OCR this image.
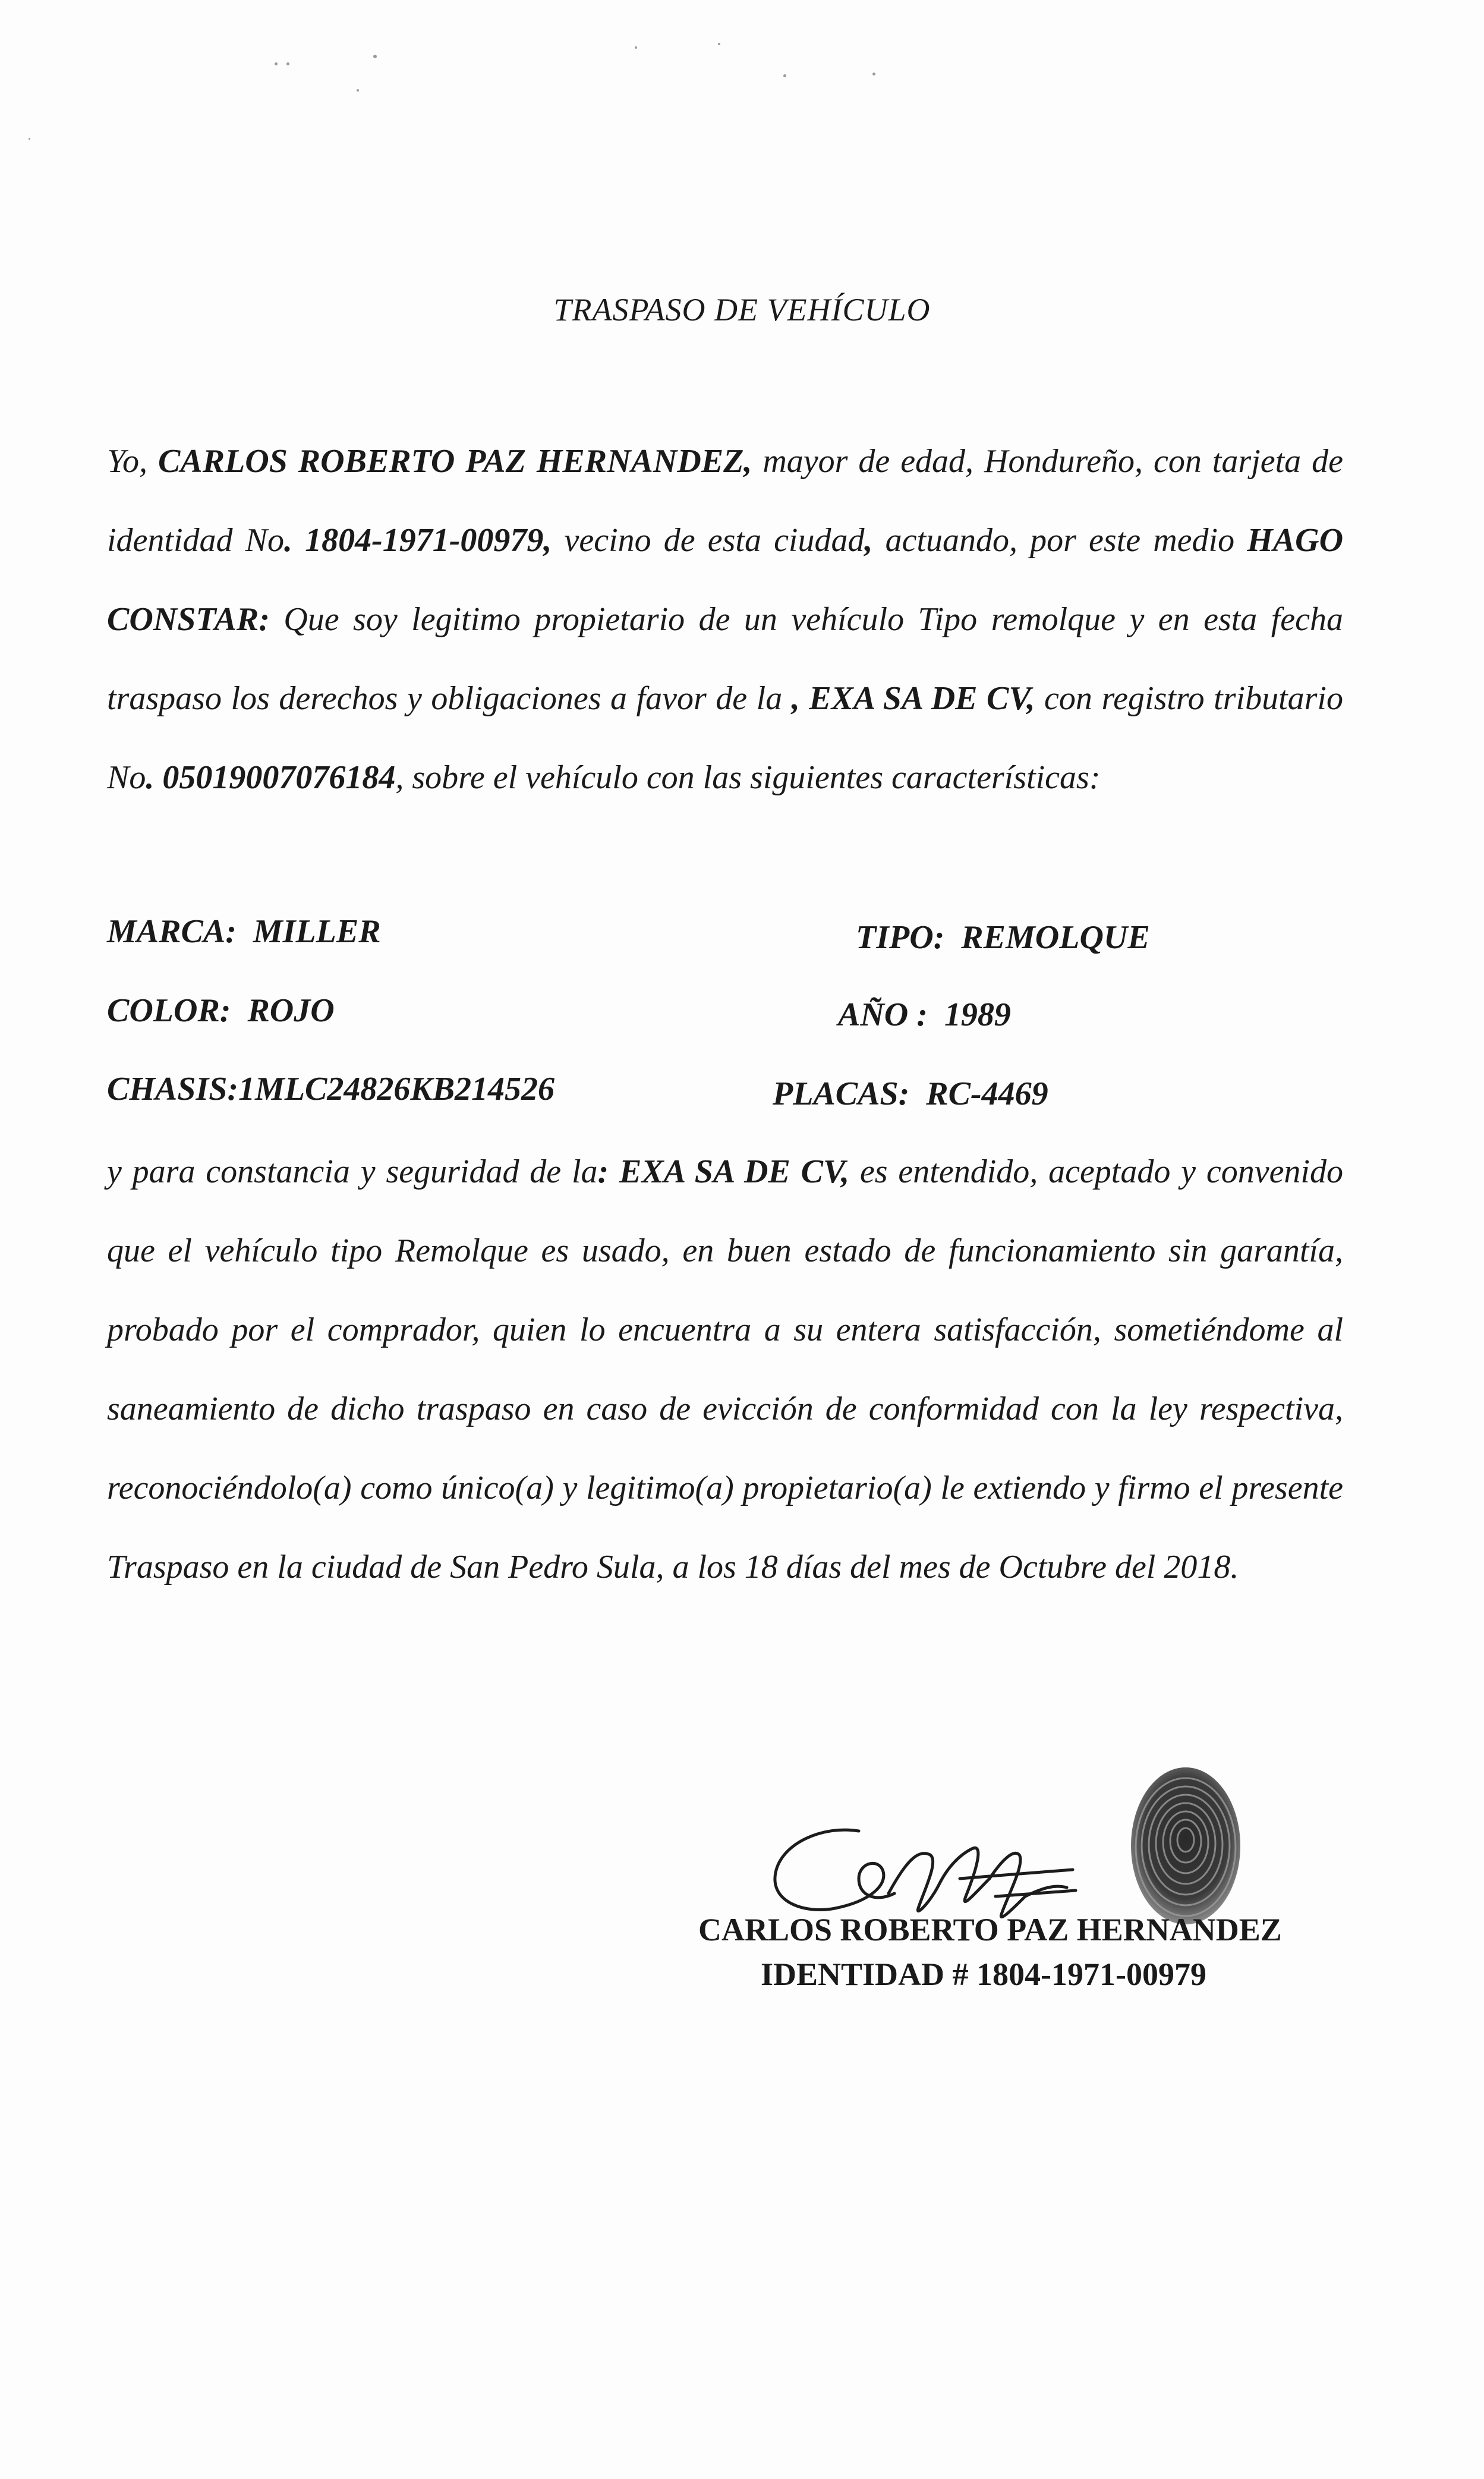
TRASPASO DE VEHÍCULO
Yo, CARLOS ROBERTO PAZ HERNANDEZ, mayor de edad, Hondureño, con tarjeta de identidad No. 1804-1971-00979, vecino de esta ciudad, actuando, por este medio HAGO CONSTAR: Que soy legitimo propietario de un vehículo Tipo remolque y en esta fecha traspaso los derechos y obligaciones a favor de la , EXA SA DE CV, con registro tributario No. 05019007076184, sobre el vehículo con las siguientes características:
MARCA: MILLER	TIPO: REMOLQUE
COLOR: ROJO	AÑO : 1989
CHASIS:1MLC24826KB214526	PLACAS: RC-4469
y para constancia y seguridad de la: EXA SA DE CV, es entendido, aceptado y convenido que el vehículo tipo Remolque es usado, en buen estado de funcionamiento sin garantía, probado por el comprador, quien lo encuentra a su entera satisfacción, sometiéndome al saneamiento de dicho traspaso en caso de evicción de conformidad con la ley respectiva, reconociéndolo(a) como único(a) y legitimo(a) propietario(a) le extiendo y firmo el presente Traspaso en la ciudad de San Pedro Sula, a los 18 días del mes de Octubre del 2018.
CARLOS ROBERTO PAZ HERNANDEZ
IDENTIDAD # 1804-1971-00979
